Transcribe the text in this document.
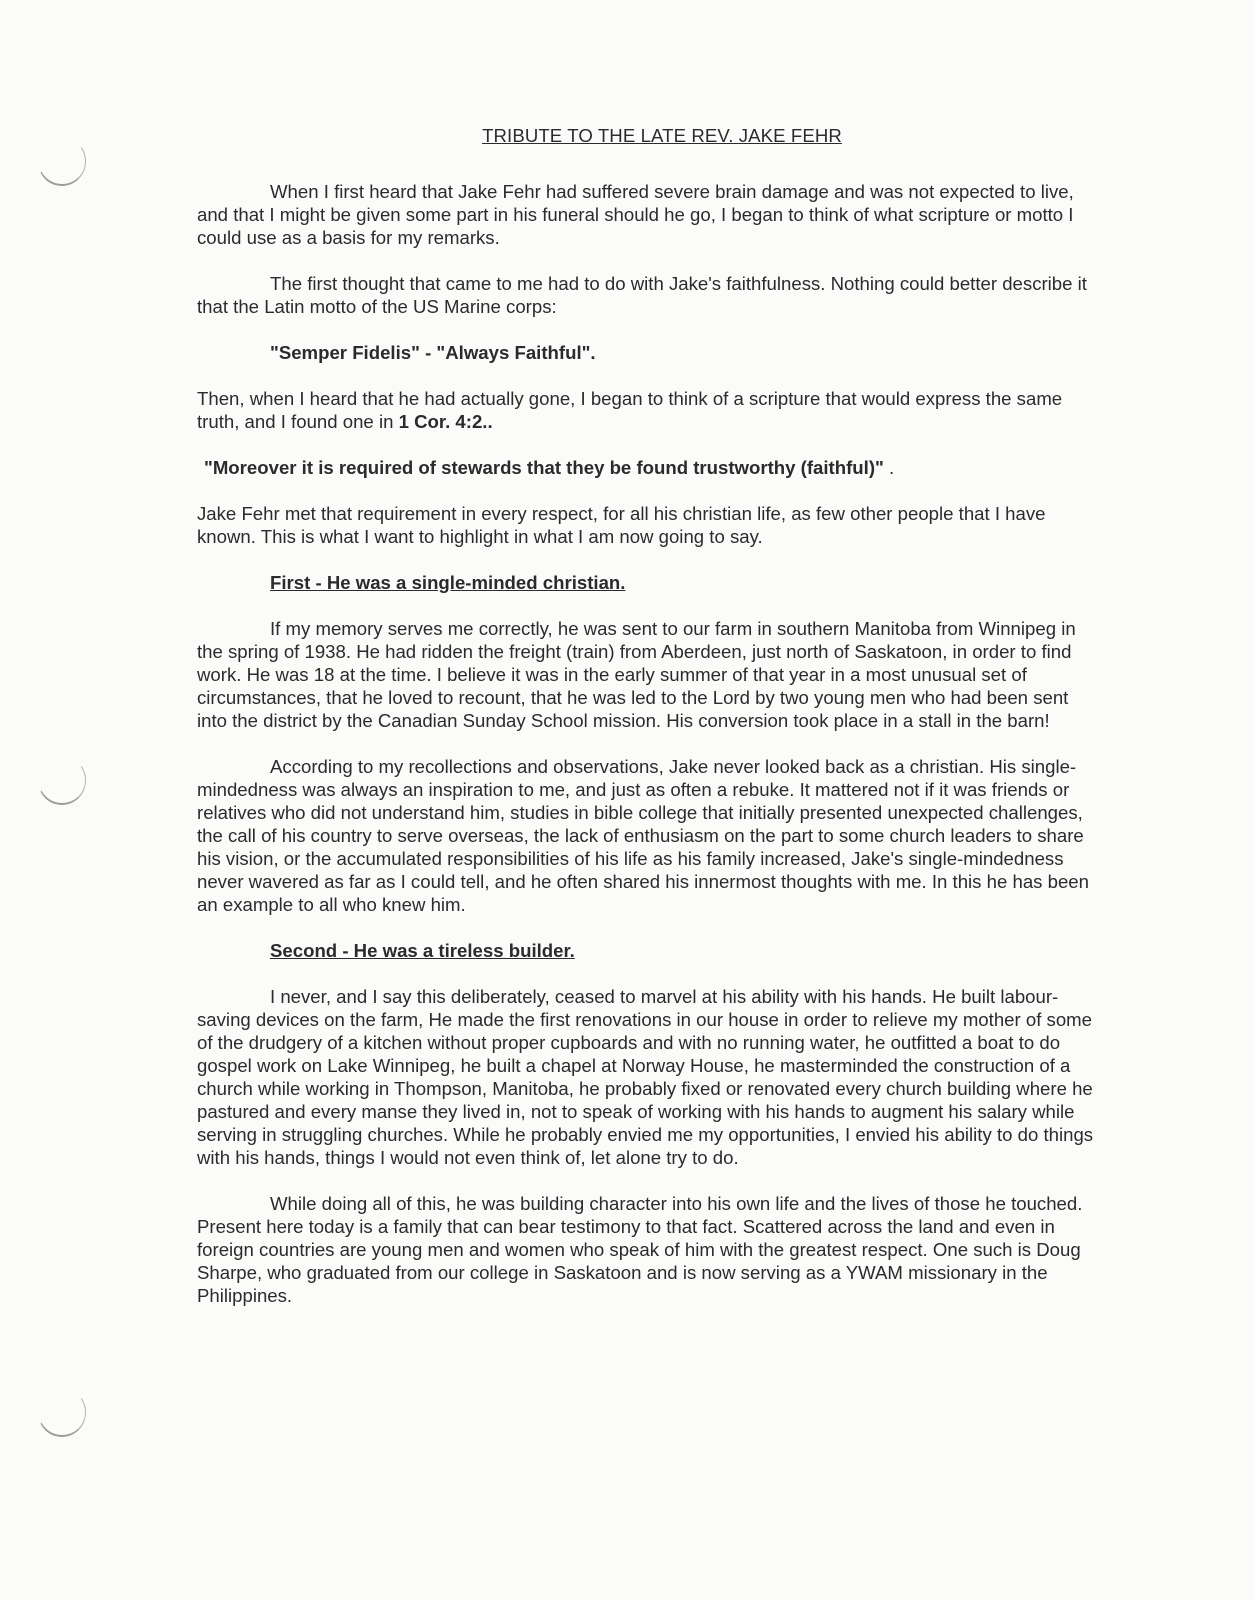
TRIBUTE TO THE LATE REV. JAKE FEHR

When I first heard that Jake Fehr had suffered severe brain damage and was not expected to live, and that I might be given some part in his funeral should he go, I began to think of what scripture or motto I could use as a basis for my remarks.

The first thought that came to me had to do with Jake's faithfulness. Nothing could better describe it that the Latin motto of the US Marine corps:

"Semper Fidelis" - "Always Faithful".

Then, when I heard that he had actually gone, I began to think of a scripture that would express the same truth, and I found one in 1 Cor. 4:2..

"Moreover it is required of stewards that they be found trustworthy (faithful)" .

Jake Fehr met that requirement in every respect, for all his christian life, as few other people that I have known. This is what I want to highlight in what I am now going to say.

First - He was a single-minded christian.

If my memory serves me correctly, he was sent to our farm in southern Manitoba from Winnipeg in the spring of 1938. He had ridden the freight (train) from Aberdeen, just north of Saskatoon, in order to find work. He was 18 at the time. I believe it was in the early summer of that year in a most unusual set of circumstances, that he loved to recount, that he was led to the Lord by two young men who had been sent into the district by the Canadian Sunday School mission. His conversion took place in a stall in the barn!

According to my recollections and observations, Jake never looked back as a christian. His single-mindedness was always an inspiration to me, and just as often a rebuke. It mattered not if it was friends or relatives who did not understand him, studies in bible college that initially presented unexpected challenges, the call of his country to serve overseas, the lack of enthusiasm on the part to some church leaders to share his vision, or the accumulated responsibilities of his life as his family increased, Jake's single-mindedness never wavered as far as I could tell, and he often shared his innermost thoughts with me. In this he has been an example to all who knew him.

Second - He was a tireless builder.

I never, and I say this deliberately, ceased to marvel at his ability with his hands. He built labour-saving devices on the farm, He made the first renovations in our house in order to relieve my mother of some of the drudgery of a kitchen without proper cupboards and with no running water, he outfitted a boat to do gospel work on Lake Winnipeg, he built a chapel at Norway House, he masterminded the construction of a church while working in Thompson, Manitoba, he probably fixed or renovated every church building where he pastured and every manse they lived in, not to speak of working with his hands to augment his salary while serving in struggling churches. While he probably envied me my opportunities, I envied his ability to do things with his hands, things I would not even think of, let alone try to do.

While doing all of this, he was building character into his own life and the lives of those he touched. Present here today is a family that can bear testimony to that fact. Scattered across the land and even in foreign countries are young men and women who speak of him with the greatest respect. One such is Doug Sharpe, who graduated from our college in Saskatoon and is now serving as a YWAM missionary in the Philippines.
